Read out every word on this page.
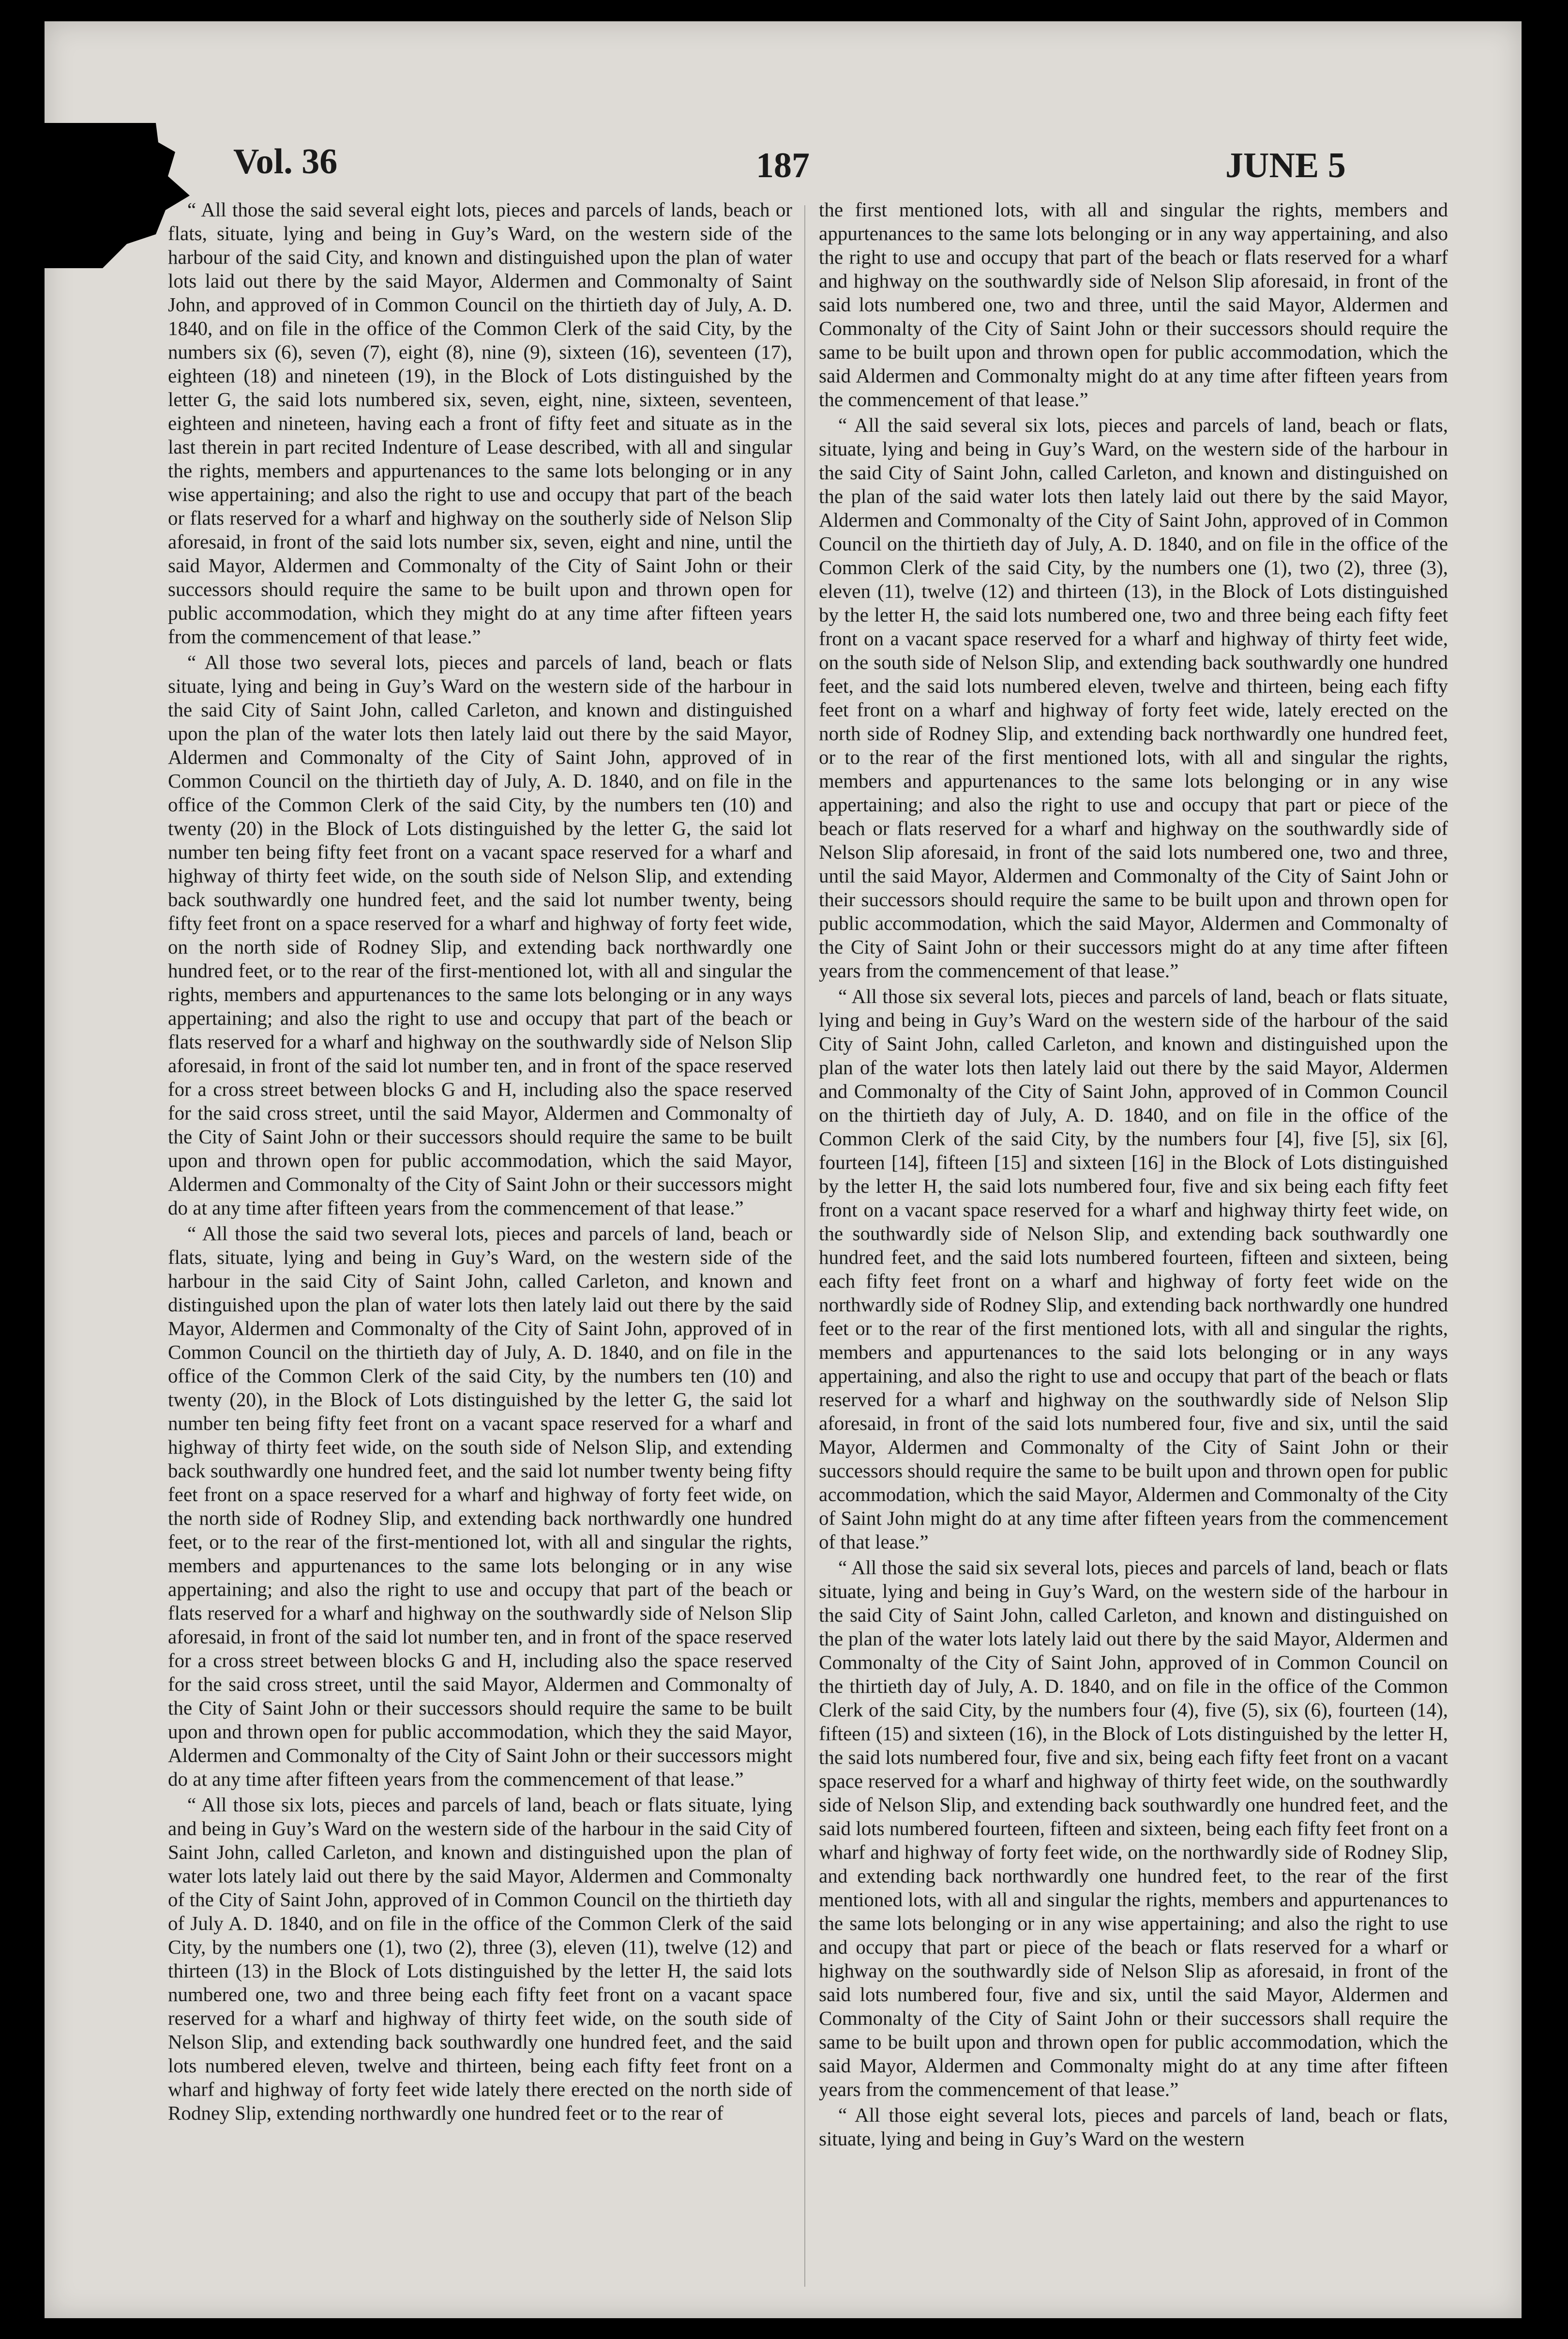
Vol. 36	187	JUNE 5

“ All those the said several eight lots, pieces and parcels of lands, beach or flats, situate, lying and being in Guy’s Ward, on the western side of the harbour of the said City, and known and distinguished upon the plan of water lots laid out there by the said Mayor, Aldermen and Commonalty of Saint John, and approved of in Common Council on the thirtieth day of July, A. D. 1840, and on file in the office of the Common Clerk of the said City, by the numbers six (6), seven (7), eight (8), nine (9), sixteen (16), seventeen (17), eighteen (18) and nineteen (19), in the Block of Lots distinguished by the letter G, the said lots numbered six, seven, eight, nine, sixteen, seventeen, eighteen and nineteen, having each a front of fifty feet and situate as in the last therein in part recited Indenture of Lease described, with all and singular the rights, members and appurtenances to the same lots belonging or in any wise appertaining; and also the right to use and occupy that part of the beach or flats reserved for a wharf and highway on the southerly side of Nelson Slip aforesaid, in front of the said lots number six, seven, eight and nine, until the said Mayor, Aldermen and Commonalty of the City of Saint John or their successors should require the same to be built upon and thrown open for public accommodation, which they might do at any time after fifteen years from the commencement of that lease.”

“ All those two several lots, pieces and parcels of land, beach or flats situate, lying and being in Guy’s Ward on the western side of the harbour in the said City of Saint John, called Carleton, and known and distinguished upon the plan of the water lots then lately laid out there by the said Mayor, Aldermen and Commonalty of the City of Saint John, approved of in Common Council on the thirtieth day of July, A. D. 1840, and on file in the office of the Common Clerk of the said City, by the numbers ten (10) and twenty (20) in the Block of Lots distinguished by the letter G, the said lot number ten being fifty feet front on a vacant space reserved for a wharf and highway of thirty feet wide, on the south side of Nelson Slip, and extending back southwardly one hundred feet, and the said lot number twenty, being fifty feet front on a space reserved for a wharf and highway of forty feet wide, on the north side of Rodney Slip, and extending back northwardly one hundred feet, or to the rear of the first-mentioned lot, with all and singular the rights, members and appurtenances to the same lots belonging or in any ways appertaining; and also the right to use and occupy that part of the beach or flats reserved for a wharf and highway on the southwardly side of Nelson Slip aforesaid, in front of the said lot number ten, and in front of the space reserved for a cross street between blocks G and H, including also the space reserved for the said cross street, until the said Mayor, Aldermen and Commonalty of the City of Saint John or their successors should require the same to be built upon and thrown open for public accommodation, which the said Mayor, Aldermen and Commonalty of the City of Saint John or their successors might do at any time after fifteen years from the commencement of that lease.”

“ All those the said two several lots, pieces and parcels of land, beach or flats, situate, lying and being in Guy’s Ward, on the western side of the harbour in the said City of Saint John, called Carleton, and known and distinguished upon the plan of water lots then lately laid out there by the said Mayor, Aldermen and Commonalty of the City of Saint John, approved of in Common Council on the thirtieth day of July, A. D. 1840, and on file in the office of the Common Clerk of the said City, by the numbers ten (10) and twenty (20), in the Block of Lots distinguished by the letter G, the said lot number ten being fifty feet front on a vacant space reserved for a wharf and highway of thirty feet wide, on the south side of Nelson Slip, and extending back southwardly one hundred feet, and the said lot number twenty being fifty feet front on a space reserved for a wharf and highway of forty feet wide, on the north side of Rodney Slip, and extending back northwardly one hundred feet, or to the rear of the first-mentioned lot, with all and singular the rights, members and appurtenances to the same lots belonging or in any wise appertaining; and also the right to use and occupy that part of the beach or flats reserved for a wharf and highway on the southwardly side of Nelson Slip aforesaid, in front of the said lot number ten, and in front of the space reserved for a cross street between blocks G and H, including also the space reserved for the said cross street, until the said Mayor, Aldermen and Commonalty of the City of Saint John or their successors should require the same to be built upon and thrown open for public accommodation, which they the said Mayor, Aldermen and Commonalty of the City of Saint John or their successors might do at any time after fifteen years from the commencement of that lease.”

“ All those six lots, pieces and parcels of land, beach or flats situate, lying and being in Guy’s Ward on the western side of the harbour in the said City of Saint John, called Carleton, and known and distinguished upon the plan of water lots lately laid out there by the said Mayor, Aldermen and Commonalty of the City of Saint John, approved of in Common Council on the thirtieth day of July A. D. 1840, and on file in the office of the Common Clerk of the said City, by the numbers one (1), two (2), three (3), eleven (11), twelve (12) and thirteen (13) in the Block of Lots distinguished by the letter H, the said lots numbered one, two and three being each fifty feet front on a vacant space reserved for a wharf and highway of thirty feet wide, on the south side of Nelson Slip, and extending back southwardly one hundred feet, and the said lots numbered eleven, twelve and thirteen, being each fifty feet front on a wharf and highway of forty feet wide lately there erected on the north side of Rodney Slip, extending northwardly one hundred feet or to the rear of

the first mentioned lots, with all and singular the rights, members and appurtenances to the same lots belonging or in any way appertaining, and also the right to use and occupy that part of the beach or flats reserved for a wharf and highway on the southwardly side of Nelson Slip aforesaid, in front of the said lots numbered one, two and three, until the said Mayor, Aldermen and Commonalty of the City of Saint John or their successors should require the same to be built upon and thrown open for public accommodation, which the said Aldermen and Commonalty might do at any time after fifteen years from the commencement of that lease.”

“ All the said several six lots, pieces and parcels of land, beach or flats, situate, lying and being in Guy’s Ward, on the western side of the harbour in the said City of Saint John, called Carleton, and known and distinguished on the plan of the said water lots then lately laid out there by the said Mayor, Aldermen and Commonalty of the City of Saint John, approved of in Common Council on the thirtieth day of July, A. D. 1840, and on file in the office of the Common Clerk of the said City, by the numbers one (1), two (2), three (3), eleven (11), twelve (12) and thirteen (13), in the Block of Lots distinguished by the letter H, the said lots numbered one, two and three being each fifty feet front on a vacant space reserved for a wharf and highway of thirty feet wide, on the south side of Nelson Slip, and extending back southwardly one hundred feet, and the said lots numbered eleven, twelve and thirteen, being each fifty feet front on a wharf and highway of forty feet wide, lately erected on the north side of Rodney Slip, and extending back northwardly one hundred feet, or to the rear of the first mentioned lots, with all and singular the rights, members and appurtenances to the same lots belonging or in any wise appertaining; and also the right to use and occupy that part or piece of the beach or flats reserved for a wharf and highway on the southwardly side of Nelson Slip aforesaid, in front of the said lots numbered one, two and three, until the said Mayor, Aldermen and Commonalty of the City of Saint John or their successors should require the same to be built upon and thrown open for public accommodation, which the said Mayor, Aldermen and Commonalty of the City of Saint John or their successors might do at any time after fifteen years from the commencement of that lease.”

“ All those six several lots, pieces and parcels of land, beach or flats situate, lying and being in Guy’s Ward on the western side of the harbour of the said City of Saint John, called Carleton, and known and distinguished upon the plan of the water lots then lately laid out there by the said Mayor, Aldermen and Commonalty of the City of Saint John, approved of in Common Council on the thirtieth day of July, A. D. 1840, and on file in the office of the Common Clerk of the said City, by the numbers four [4], five [5], six [6], fourteen [14], fifteen [15] and sixteen [16] in the Block of Lots distinguished by the letter H, the said lots numbered four, five and six being each fifty feet front on a vacant space reserved for a wharf and highway thirty feet wide, on the southwardly side of Nelson Slip, and extending back southwardly one hundred feet, and the said lots numbered fourteen, fifteen and sixteen, being each fifty feet front on a wharf and highway of forty feet wide on the northwardly side of Rodney Slip, and extending back northwardly one hundred feet or to the rear of the first mentioned lots, with all and singular the rights, members and appurtenances to the said lots belonging or in any ways appertaining, and also the right to use and occupy that part of the beach or flats reserved for a wharf and highway on the southwardly side of Nelson Slip aforesaid, in front of the said lots numbered four, five and six, until the said Mayor, Aldermen and Commonalty of the City of Saint John or their successors should require the same to be built upon and thrown open for public accommodation, which the said Mayor, Aldermen and Commonalty of the City of Saint John might do at any time after fifteen years from the commencement of that lease.”

“ All those the said six several lots, pieces and parcels of land, beach or flats situate, lying and being in Guy’s Ward, on the western side of the harbour in the said City of Saint John, called Carleton, and known and distinguished on the plan of the water lots lately laid out there by the said Mayor, Aldermen and Commonalty of the City of Saint John, approved of in Common Council on the thirtieth day of July, A. D. 1840, and on file in the office of the Common Clerk of the said City, by the numbers four (4), five (5), six (6), fourteen (14), fifteen (15) and sixteen (16), in the Block of Lots distinguished by the letter H, the said lots numbered four, five and six, being each fifty feet front on a vacant space reserved for a wharf and highway of thirty feet wide, on the southwardly side of Nelson Slip, and extending back southwardly one hundred feet, and the said lots numbered fourteen, fifteen and sixteen, being each fifty feet front on a wharf and highway of forty feet wide, on the northwardly side of Rodney Slip, and extending back northwardly one hundred feet, to the rear of the first mentioned lots, with all and singular the rights, members and appurtenances to the same lots belonging or in any wise appertaining; and also the right to use and occupy that part or piece of the beach or flats reserved for a wharf or highway on the southwardly side of Nelson Slip as aforesaid, in front of the said lots numbered four, five and six, until the said Mayor, Aldermen and Commonalty of the City of Saint John or their successors shall require the same to be built upon and thrown open for public accommodation, which the said Mayor, Aldermen and Commonalty might do at any time after fifteen years from the commencement of that lease.”

“ All those eight several lots, pieces and parcels of land, beach or flats, situate, lying and being in Guy’s Ward on the western
